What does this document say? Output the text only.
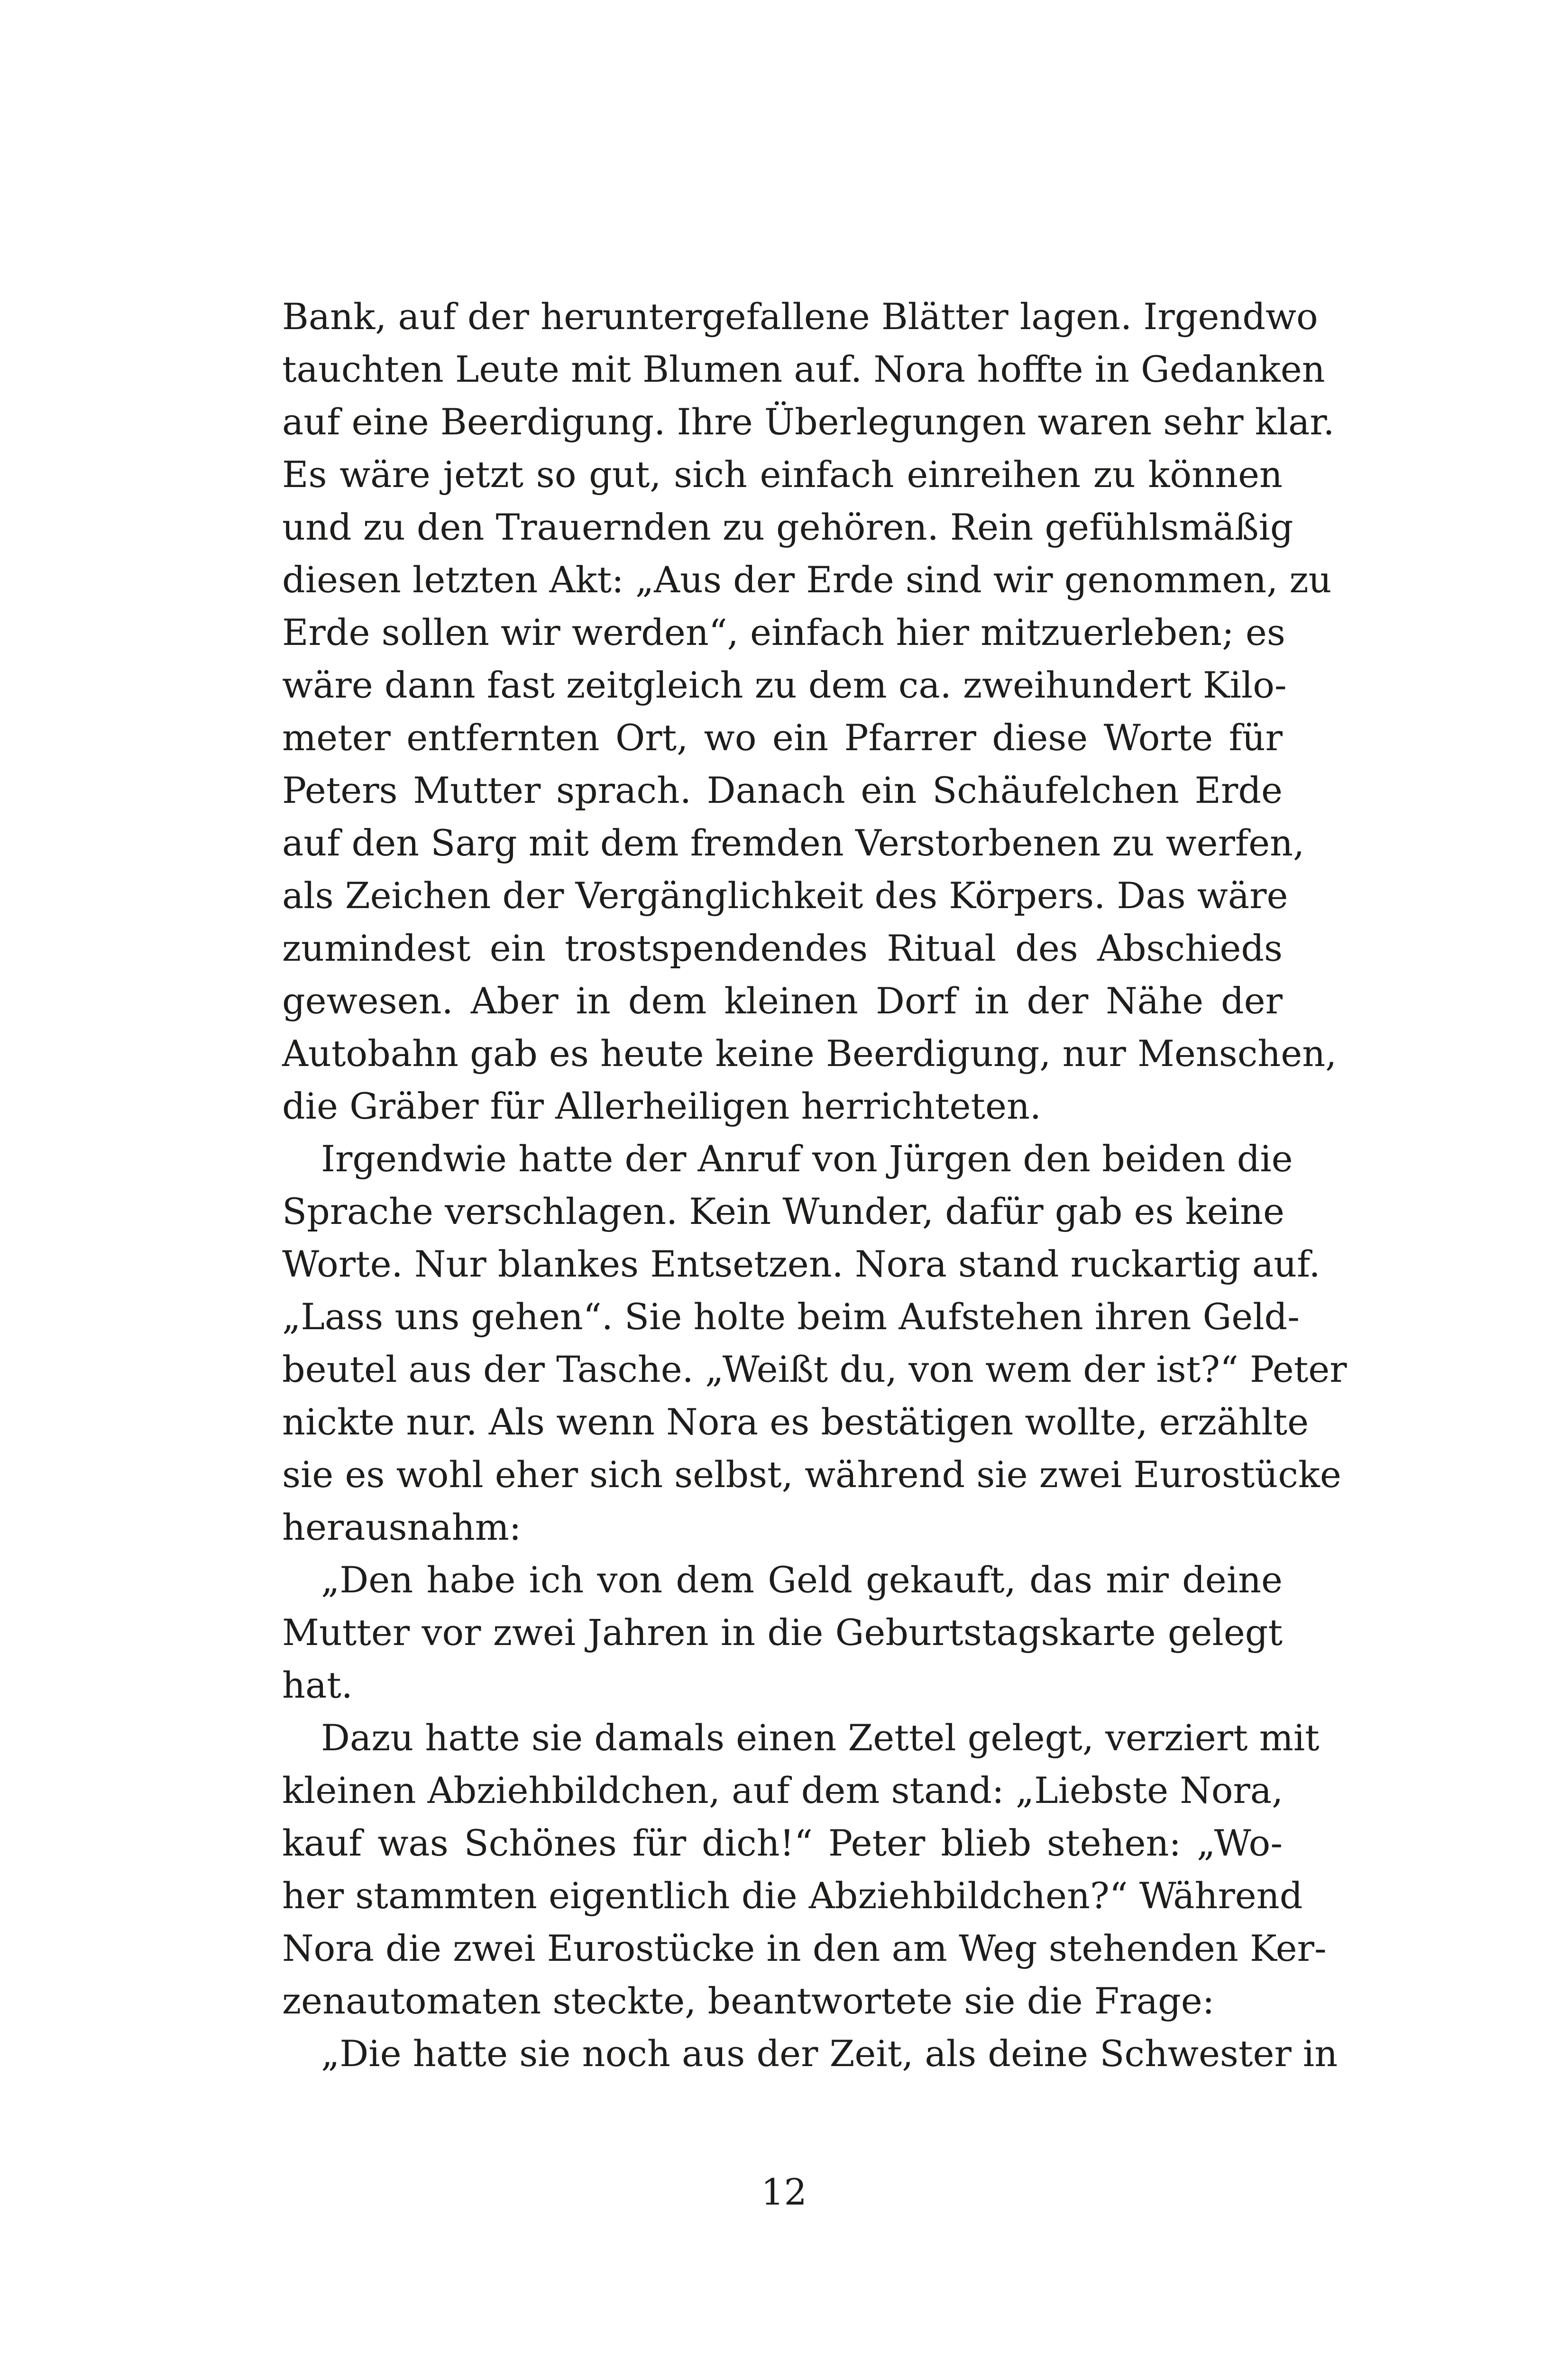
Bank, auf der heruntergefallene Blätter lagen. Irgendwo
tauchten Leute mit Blumen auf. Nora hoffte in Gedanken
auf eine Beerdigung. Ihre Überlegungen waren sehr klar.
Es wäre jetzt so gut, sich einfach einreihen zu können
und zu den Trauernden zu gehören. Rein gefühlsmäßig
diesen letzten Akt: „Aus der Erde sind wir genommen, zu
Erde sollen wir werden“, einfach hier mitzuerleben; es
wäre dann fast zeitgleich zu dem ca. zweihundert Kilo-
meter entfernten Ort, wo ein Pfarrer diese Worte für
Peters Mutter sprach. Danach ein Schäufelchen Erde
auf den Sarg mit dem fremden Verstorbenen zu werfen,
als Zeichen der Vergänglichkeit des Körpers. Das wäre
zumindest ein trostspendendes Ritual des Abschieds
gewesen. Aber in dem kleinen Dorf in der Nähe der
Autobahn gab es heute keine Beerdigung, nur Menschen,
die Gräber für Allerheiligen herrichteten.
Irgendwie hatte der Anruf von Jürgen den beiden die
Sprache verschlagen. Kein Wunder, dafür gab es keine
Worte. Nur blankes Entsetzen. Nora stand ruckartig auf.
„Lass uns gehen“. Sie holte beim Aufstehen ihren Geld-
beutel aus der Tasche. „Weißt du, von wem der ist?“ Peter
nickte nur. Als wenn Nora es bestätigen wollte, erzählte
sie es wohl eher sich selbst, während sie zwei Eurostücke
herausnahm:
„Den habe ich von dem Geld gekauft, das mir deine
Mutter vor zwei Jahren in die Geburtstagskarte gelegt
hat.
Dazu hatte sie damals einen Zettel gelegt, verziert mit
kleinen Abziehbildchen, auf dem stand: „Liebste Nora,
kauf was Schönes für dich!“ Peter blieb stehen: „Wo-
her stammten eigentlich die Abziehbildchen?“ Während
Nora die zwei Eurostücke in den am Weg stehenden Ker-
zenautomaten steckte, beantwortete sie die Frage:
„Die hatte sie noch aus der Zeit, als deine Schwester in
12
